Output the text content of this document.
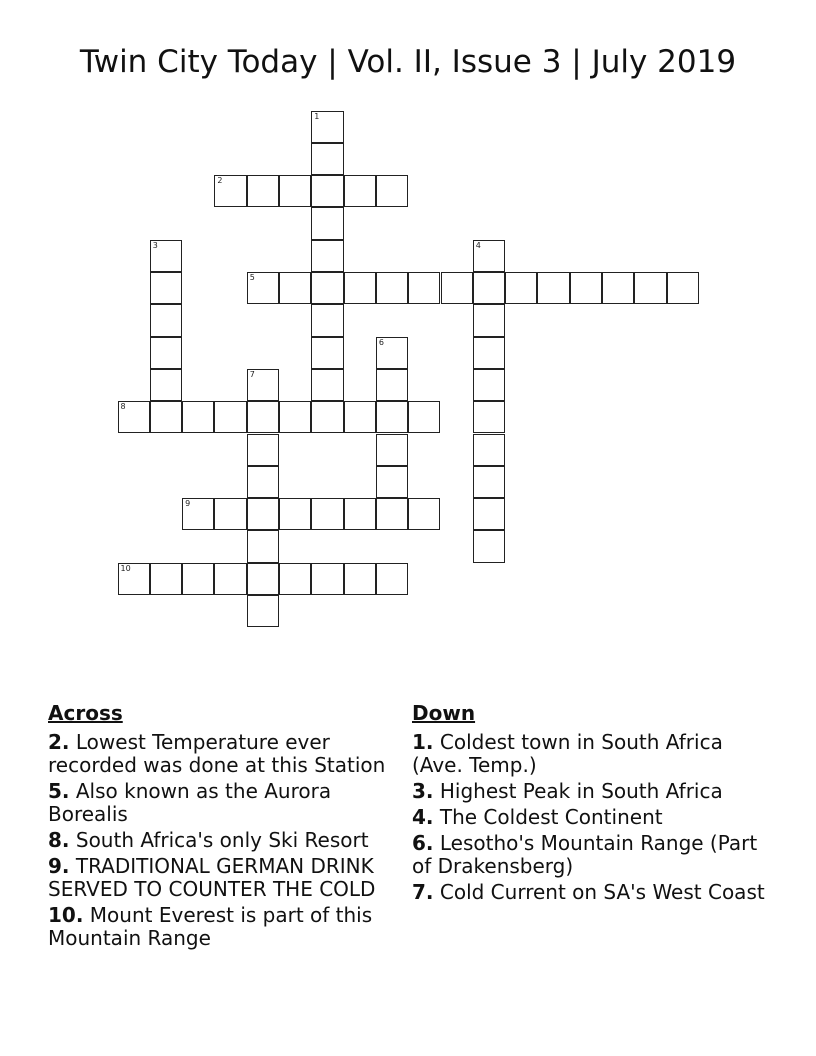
Twin City Today | Vol. II, Issue 3 | July 2019
1
2
3	4
5
6
7
8
9
10
Across
2. Lowest Temperature ever recorded was done at this Station
5. Also known as the Aurora Borealis
8. South Africa's only Ski Resort
9. TRADITIONAL GERMAN DRINK SERVED TO COUNTER THE COLD
10. Mount Everest is part of this Mountain Range
Down
1. Coldest town in South Africa (Ave. Temp.)
3. Highest Peak in South Africa
4. The Coldest Continent
6. Lesotho's Mountain Range (Part of Drakensberg)
7. Cold Current on SA's West Coast
